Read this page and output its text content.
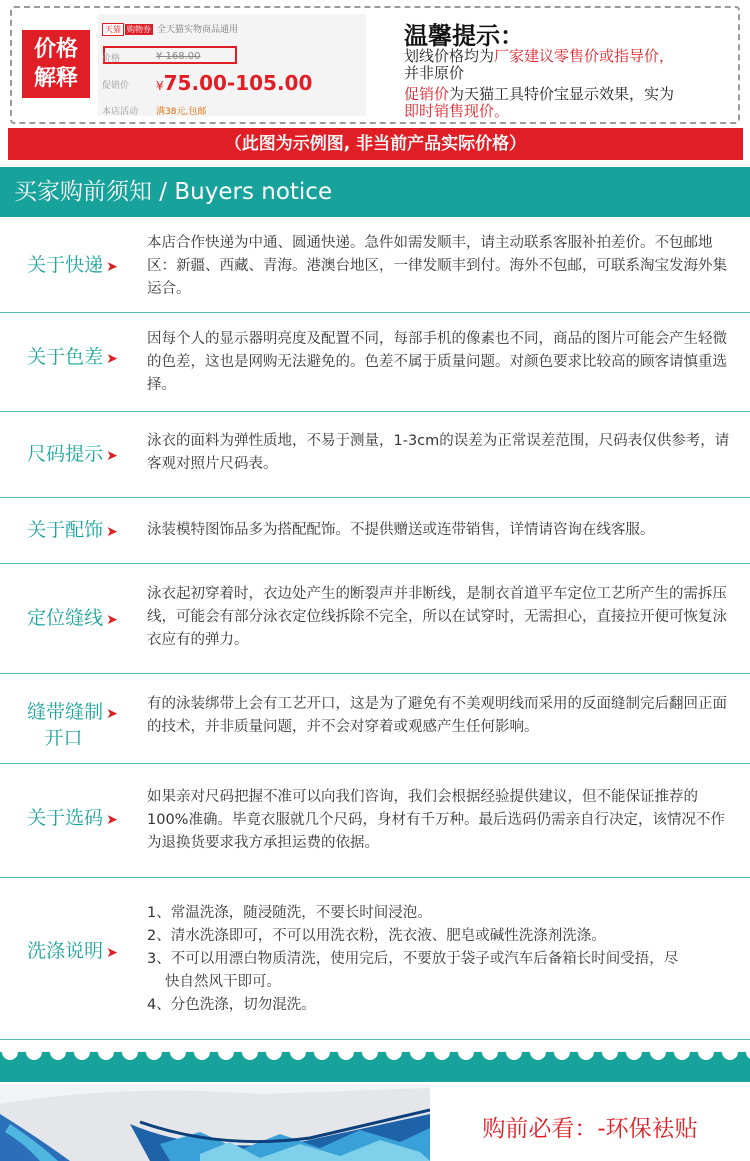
价格
解释
天猫 购物券 全天猫实物商品通用
价格	¥ 168.00
促销价 ¥75.00-105.00
本店活动 满38元,包邮
温馨提示：
划线价格均为厂家建议零售价或指导价，
并非原价
促销价为天猫工具特价宝显示效果，实为
即时销售现价。
（此图为示例图, 非当前产品实际价格）
买家购前须知 / Buyers notice
关于快递 ➤
本店合作快递为中通、圆通快递。急件如需发顺丰，请主动联系客服补拍差价。不包邮地区：新疆、西藏、青海。港澳台地区，一律发顺丰到付。海外不包邮，可联系淘宝发海外集运合。
关于色差 ➤
因每个人的显示器明亮度及配置不同，每部手机的像素也不同，商品的图片可能会产生轻微的色差，这也是网购无法避免的。色差不属于质量问题。对颜色要求比较高的顾客请慎重选择。
尺码提示 ➤
泳衣的面料为弹性质地，不易于测量，1-3cm的误差为正常误差范围，尺码表仅供参考，请客观对照片尺码表。
关于配饰 ➤	泳装模特图饰品多为搭配配饰。不提供赠送或连带销售，详情请咨询在线客服。
定位缝线 ➤
泳衣起初穿着时，衣边处产生的断裂声并非断线，是制衣首道平车定位工艺所产生的需拆压线，可能会有部分泳衣定位线拆除不完全，所以在试穿时，无需担心，直接拉开便可恢复泳衣应有的弹力。
缝带缝制 ➤
开口
有的泳装绑带上会有工艺开口，这是为了避免有不美观明线而采用的反面缝制完后翻回正面的技术，并非质量问题，并不会对穿着或观感产生任何影响。
关于选码 ➤
如果亲对尺码把握不准可以向我们咨询，我们会根据经验提供建议，但不能保证推荐的100%准确。毕竟衣服就几个尺码，身材有千万种。最后选码仍需亲自行决定，该情况不作为退换货要求我方承担运费的依据。
洗涤说明 ➤

1、常温洗涤，随浸随洗，不要长时间浸泡。

2、清水洗涤即可，不可以用洗衣粉，洗衣液、肥皂或碱性洗涤剂洗涤。

3、不可以用漂白物质清洗，使用完后，不要放于袋子或汽车后备箱长时间受捂，尽

快自然风干即可。

4、分色洗涤，切勿混洗。

购前必看：-环保袪贴
